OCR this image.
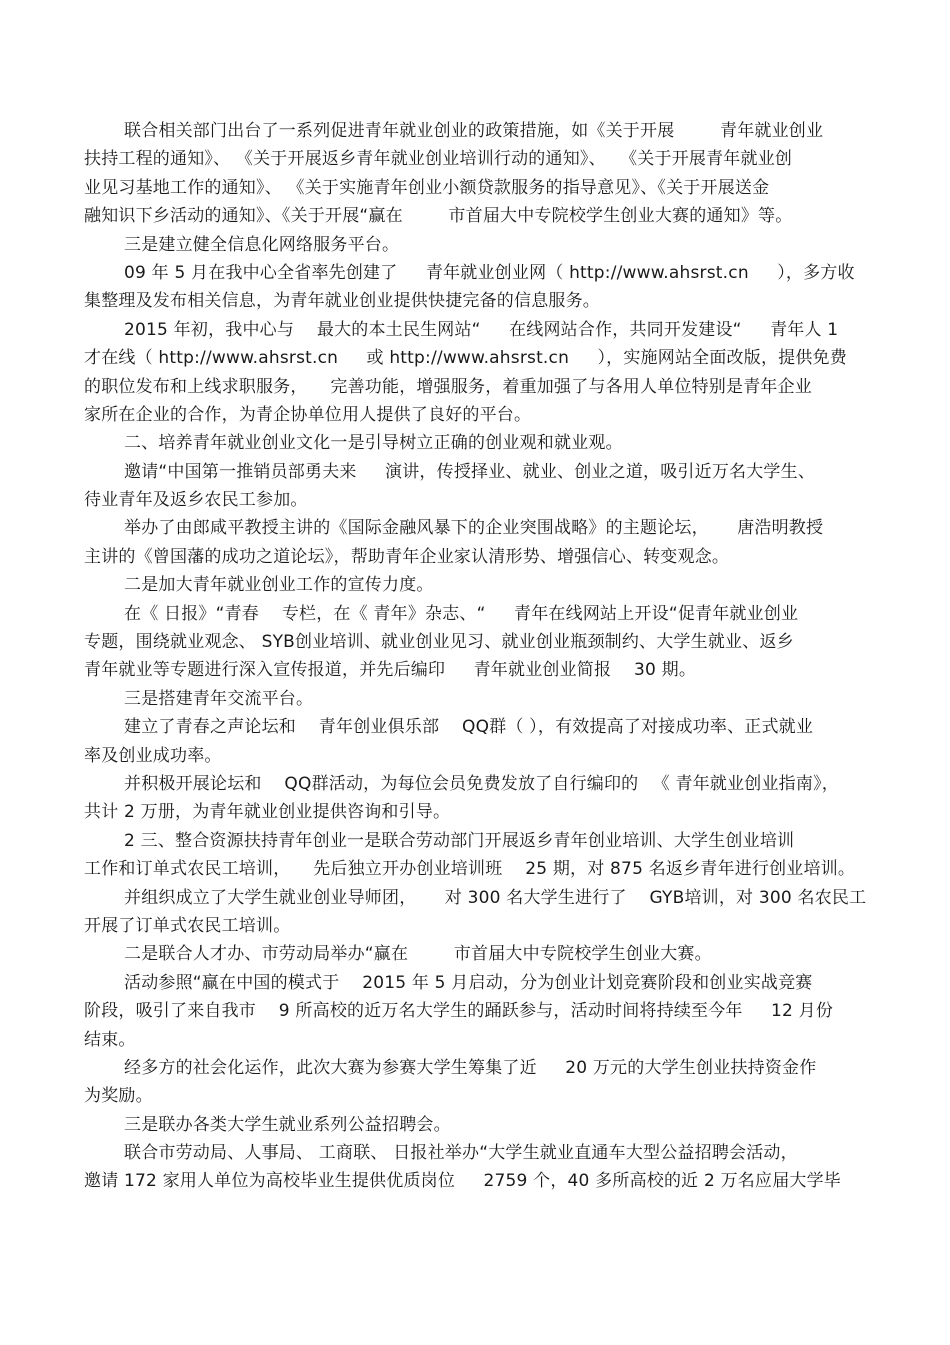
联合相关部门出台了一系列促进青年就业创业的政策措施，如《关于开展 　 　青年就业创业
扶持工程的通知》、 《关于开展返乡青年就业创业培训行动的通知》、 　《关于开展青年就业创
业见习基地工作的通知》、 《关于实施青年创业小额贷款服务的指导意见》、《关于开展送金
融知识下乡活动的通知》、《关于开展“赢在 　 　市首届大中专院校学生创业大赛的通知》等。
三是建立健全信息化网络服务平台。
09 年 5 月在我中心全省率先创建了 　 青年就业创业网（ http://www.ahsrst.cn 　 ），多方收
集整理及发布相关信息，为青年就业创业提供快捷完备的信息服务。
2015 年初，我中心与 　最大的本土民生网站“ 　 在线网站合作，共同开发建设“ 　 青年人 1
才在线（ http://www.ahsrst.cn 　 或 http://www.ahsrst.cn 　 ），实施网站全面改版，提供免费
的职位发布和上线求职服务， 　完善功能，增强服务，着重加强了与各用人单位特别是青年企业
家所在企业的合作，为青企协单位用人提供了良好的平台。
二、培养青年就业创业文化一是引导树立正确的创业观和就业观。
邀请“中国第一推销员部勇夫来 　 演讲，传授择业、就业、创业之道，吸引近万名大学生、
待业青年及返乡农民工参加。
举办了由郎咸平教授主讲的《国际金融风暴下的企业突围战略》的主题论坛， 　 唐浩明教授
主讲的《曾国藩的成功之道论坛》，帮助青年企业家认清形势、增强信心、转变观念。
二是加大青年就业创业工作的宣传力度。
在《 日报》“青春 　专栏，在《 青年》杂志、“ 　 青年在线网站上开设“促青年就业创业
专题，围绕就业观念、 SYB创业培训、就业创业见习、就业创业瓶颈制约、大学生就业、返乡
青年就业等专题进行深入宣传报道，并先后编印 　 青年就业创业简报 　30 期。
三是搭建青年交流平台。
建立了青春之声论坛和 　青年创业俱乐部 　QQ群（ ），有效提高了对接成功率、正式就业
率及创业成功率。
并积极开展论坛和 　QQ群活动，为每位会员免费发放了自行编印的 　《 青年就业创业指南》，
共计 2 万册，为青年就业创业提供咨询和引导。
2 三、整合资源扶持青年创业一是联合劳动部门开展返乡青年创业培训、大学生创业培训
工作和订单式农民工培训， 　先后独立开办创业培训班 　25 期，对 875 名返乡青年进行创业培训。
并组织成立了大学生就业创业导师团， 　 对 300 名大学生进行了 　GYB培训，对 300 名农民工
开展了订单式农民工培训。
二是联合人才办、市劳动局举办“赢在 　 　市首届大中专院校学生创业大赛。
活动参照“赢在中国的模式于 　2015 年 5 月启动，分为创业计划竞赛阶段和创业实战竞赛
阶段，吸引了来自我市 　9 所高校的近万名大学生的踊跃参与，活动时间将持续至今年 　 12 月份
结束。
经多方的社会化运作，此次大赛为参赛大学生筹集了近 　 20 万元的大学生创业扶持资金作
为奖励。
三是联办各类大学生就业系列公益招聘会。
联合市劳动局、人事局、 工商联、 日报社举办“大学生就业直通车大型公益招聘会活动，
邀请 172 家用人单位为高校毕业生提供优质岗位 　 2759 个，40 多所高校的近 2 万名应届大学毕
